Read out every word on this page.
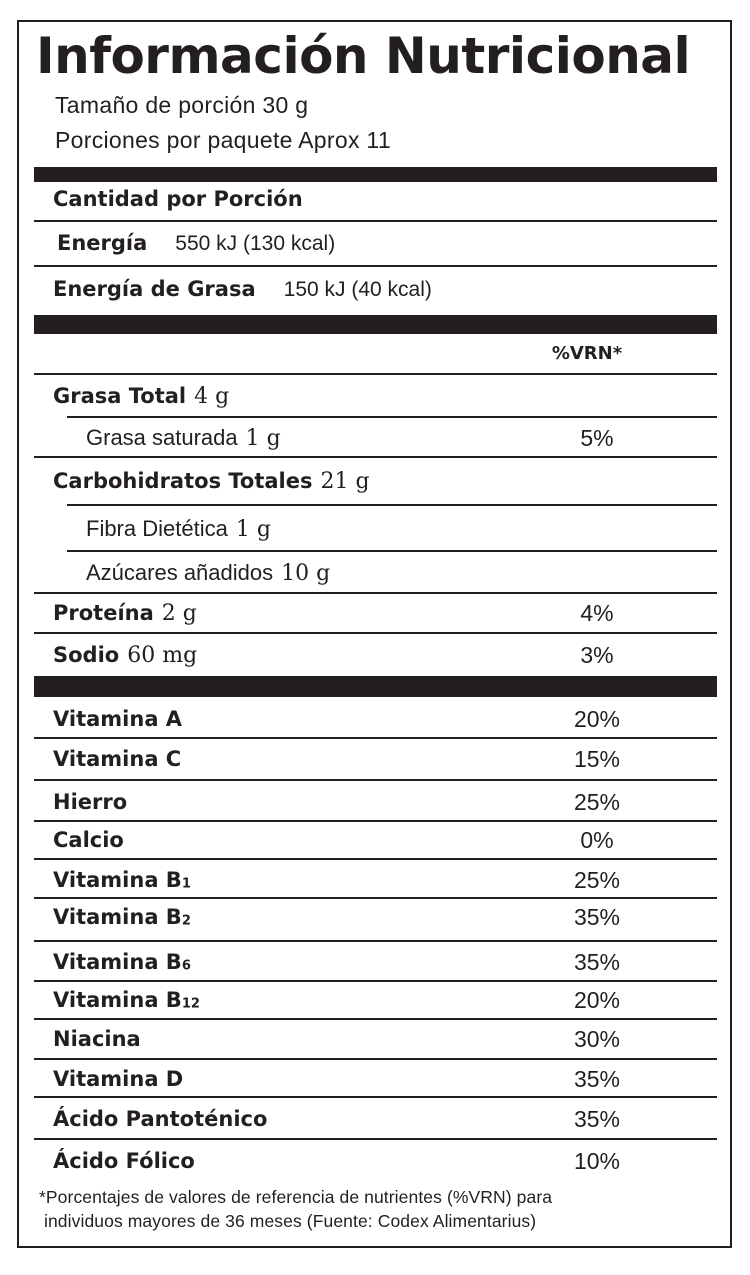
Información Nutricional
Tamaño de porción 30 g
Porciones por paquete Aprox 11
Cantidad por Porción
Energía 550 kJ (130 kcal)
Energía de Grasa 150 kJ (40 kcal)
%VRN*
Grasa Total 4 g
Grasa saturada 1 g	5%
Carbohidratos Totales 21 g
Fibra Dietética 1 g
Azúcares añadidos 10 g
Proteína 2 g	4%
Sodio 60 mg	3%
Vitamina A	20%
Vitamina C	15%
Hierro	25%
Calcio	0%
Vitamina B1	25%
Vitamina B2	35%
Vitamina B6	35%
Vitamina B12	20%
Niacina	30%
Vitamina D	35%
Ácido Pantoténico	35%
Ácido Fólico	10%
*Porcentajes de valores de referencia de nutrientes (%VRN) para
individuos mayores de 36 meses (Fuente: Codex Alimentarius)
